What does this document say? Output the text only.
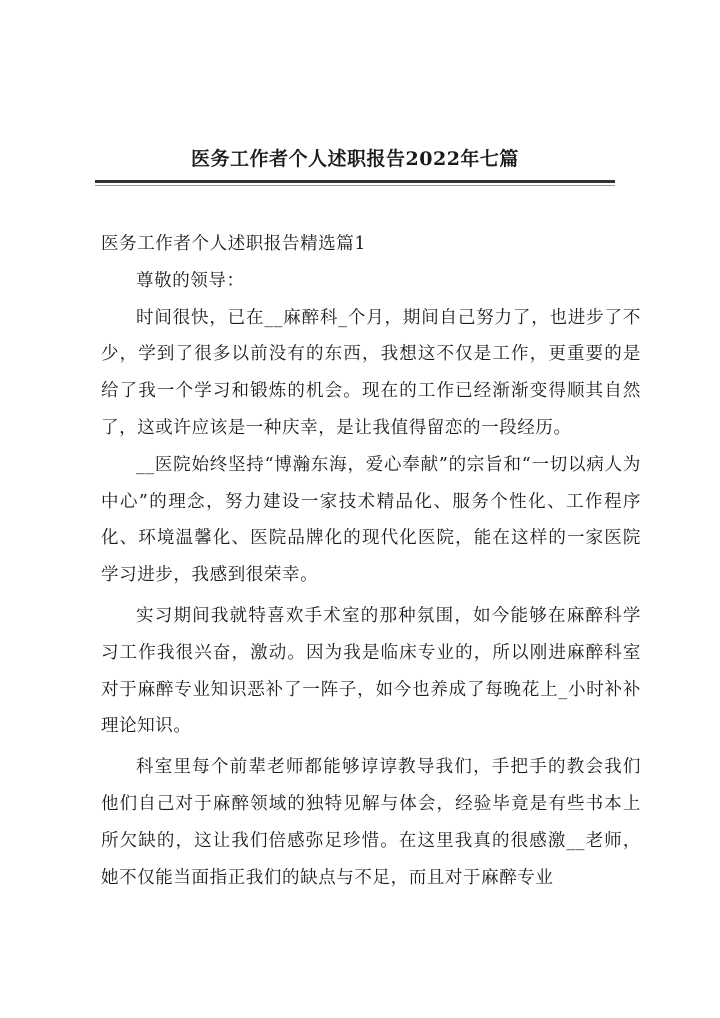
医务工作者个人述职报告2022年七篇

医务工作者个人述职报告精选篇1

尊敬的领导：

时间很快，已在__麻醉科_个月，期间自己努力了，也进步了不少，学到了很多以前没有的东西，我想这不仅是工作，更重要的是给了我一个学习和锻炼的机会。现在的工作已经渐渐变得顺其自然了，这或许应该是一种庆幸，是让我值得留恋的一段经历。

__医院始终坚持“博瀚东海，爱心奉献”的宗旨和“一切以病人为中心”的理念，努力建设一家技术精品化、服务个性化、工作程序化、环境温馨化、医院品牌化的现代化医院，能在这样的一家医院学习进步，我感到很荣幸。

实习期间我就特喜欢手术室的那种氛围，如今能够在麻醉科学习工作我很兴奋，激动。因为我是临床专业的，所以刚进麻醉科室对于麻醉专业知识恶补了一阵子，如今也养成了每晚花上_小时补补理论知识。

科室里每个前辈老师都能够谆谆教导我们，手把手的教会我们他们自己对于麻醉领域的独特见解与体会，经验毕竟是有些书本上所欠缺的，这让我们倍感弥足珍惜。在这里我真的很感激__老师，她不仅能当面指正我们的缺点与不足，而且对于麻醉专业
